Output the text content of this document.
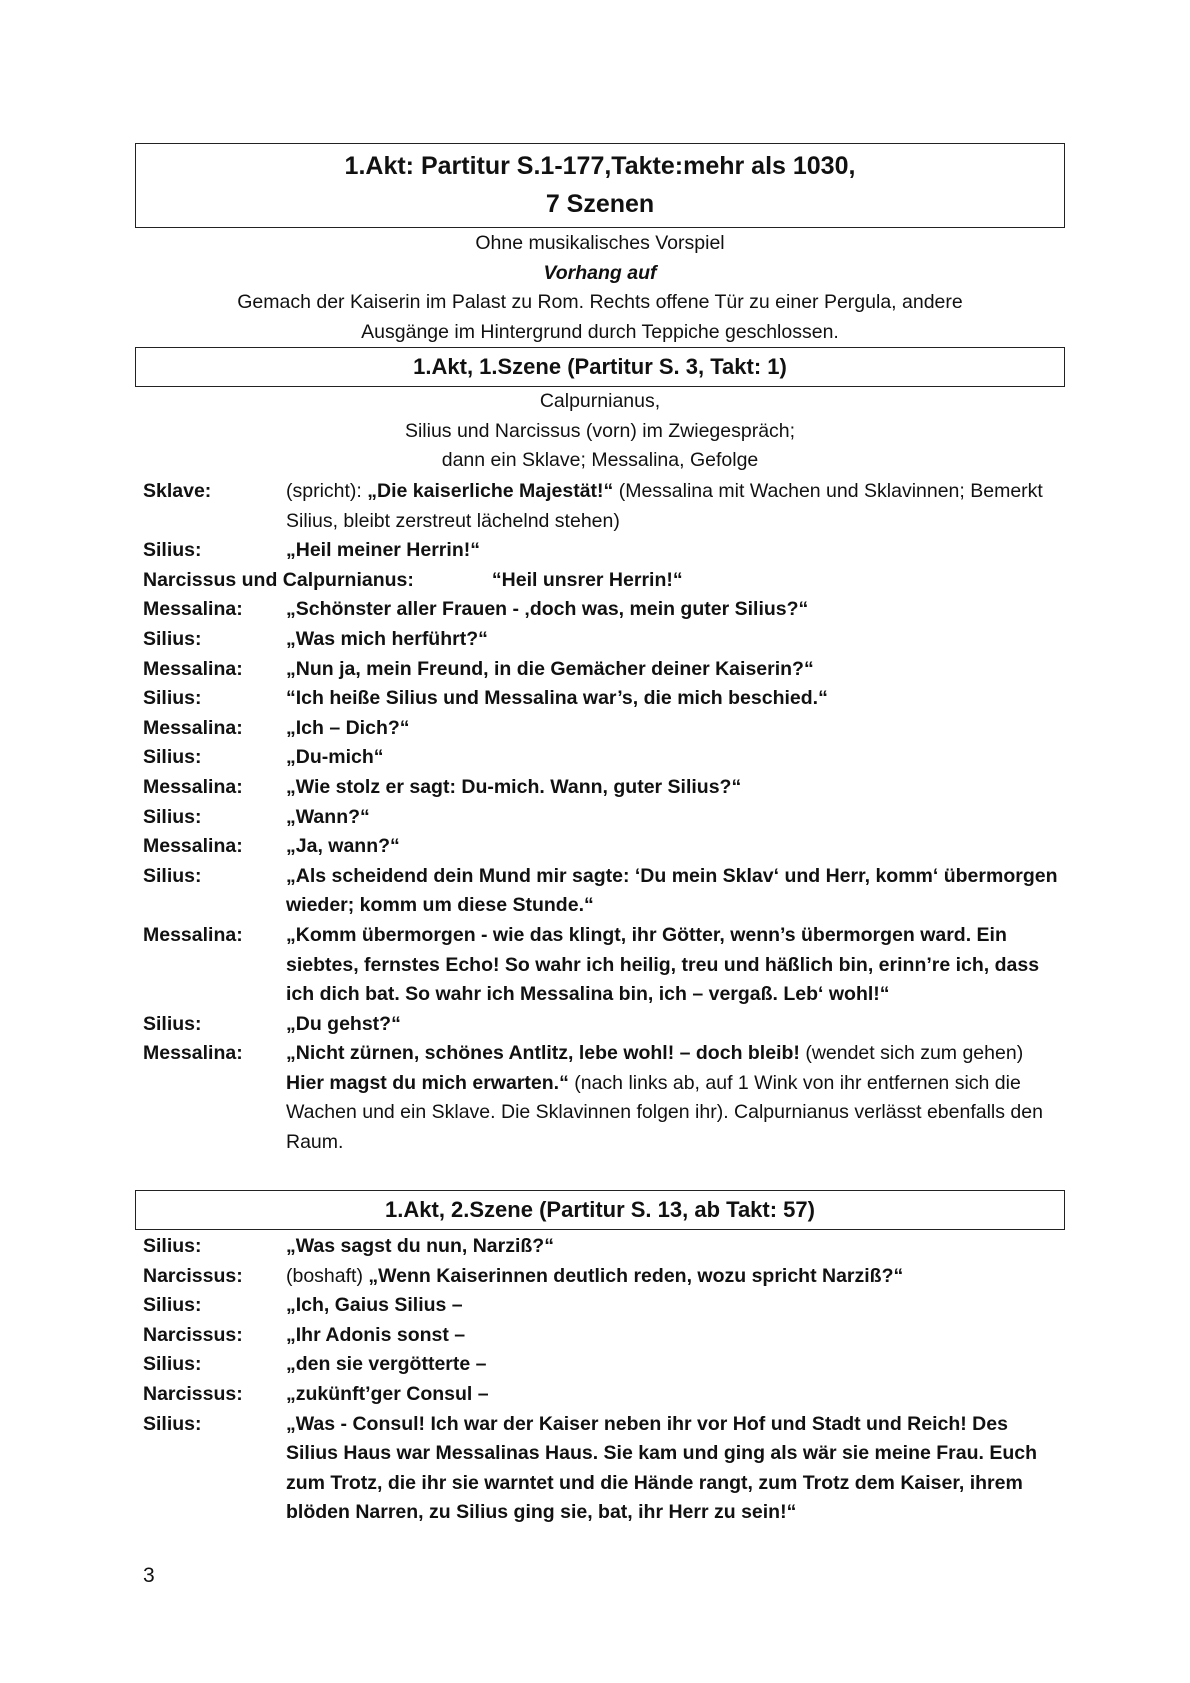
1.Akt: Partitur S.1-177,Takte:mehr als 1030,
7 Szenen
Ohne musikalisches Vorspiel
Vorhang auf
Gemach der Kaiserin im Palast zu Rom. Rechts offene Tür zu einer Pergula, andere
Ausgänge im Hintergrund durch Teppiche geschlossen.
1.Akt, 1.Szene (Partitur S. 3, Takt: 1)
Calpurnianus,
Silius und Narcissus (vorn) im Zwiegespräch;
dann ein Sklave; Messalina, Gefolge
Sklave:	(spricht): „Die kaiserliche Majestät!“ (Messalina mit Wachen und Sklavinnen; Bemerkt Silius, bleibt zerstreut lächelnd stehen)
Silius:	„Heil meiner Herrin!“
Narcissus und Calpurnianus:	“Heil unsrer Herrin!“
Messalina:	„Schönster aller Frauen - ‚doch was, mein guter Silius?“
Silius:	„Was mich herführt?“
Messalina:	„Nun ja, mein Freund, in die Gemächer deiner Kaiserin?“
Silius:	“Ich heiße Silius und Messalina war’s, die mich beschied.“
Messalina:	„Ich – Dich?“
Silius:	„Du-mich“
Messalina:	„Wie stolz er sagt: Du-mich. Wann, guter Silius?“
Silius:	„Wann?“
Messalina:	„Ja, wann?“
Silius:	„Als scheidend dein Mund mir sagte: ‘Du mein Sklav‘ und Herr, komm‘ übermorgen wieder; komm um diese Stunde.“
Messalina:	„Komm übermorgen - wie das klingt, ihr Götter, wenn’s übermorgen ward. Ein siebtes, fernstes Echo! So wahr ich heilig, treu und häßlich bin, erinn’re ich, dass ich dich bat. So wahr ich Messalina bin, ich – vergaß. Leb‘ wohl!“
Silius:	„Du gehst?“
Messalina:	„Nicht zürnen, schönes Antlitz, lebe wohl! – doch bleib! (wendet sich zum gehen) Hier magst du mich erwarten.“ (nach links ab, auf 1 Wink von ihr entfernen sich die Wachen und ein Sklave. Die Sklavinnen folgen ihr). Calpurnianus verlässt ebenfalls den Raum.
1.Akt, 2.Szene (Partitur S. 13, ab Takt: 57)
Silius:	„Was sagst du nun, Narziß?“
Narcissus:	(boshaft) „Wenn Kaiserinnen deutlich reden, wozu spricht Narziß?“
Silius:	„Ich, Gaius Silius –
Narcissus:	„Ihr Adonis sonst –
Silius:	„den sie vergötterte –
Narcissus:	„zukünft’ger Consul –
Silius:	„Was - Consul! Ich war der Kaiser neben ihr vor Hof und Stadt und Reich! Des Silius Haus war Messalinas Haus. Sie kam und ging als wär sie meine Frau. Euch zum Trotz, die ihr sie warntet und die Hände rangt, zum Trotz dem Kaiser, ihrem blöden Narren, zu Silius ging sie, bat, ihr Herr zu sein!“
3
